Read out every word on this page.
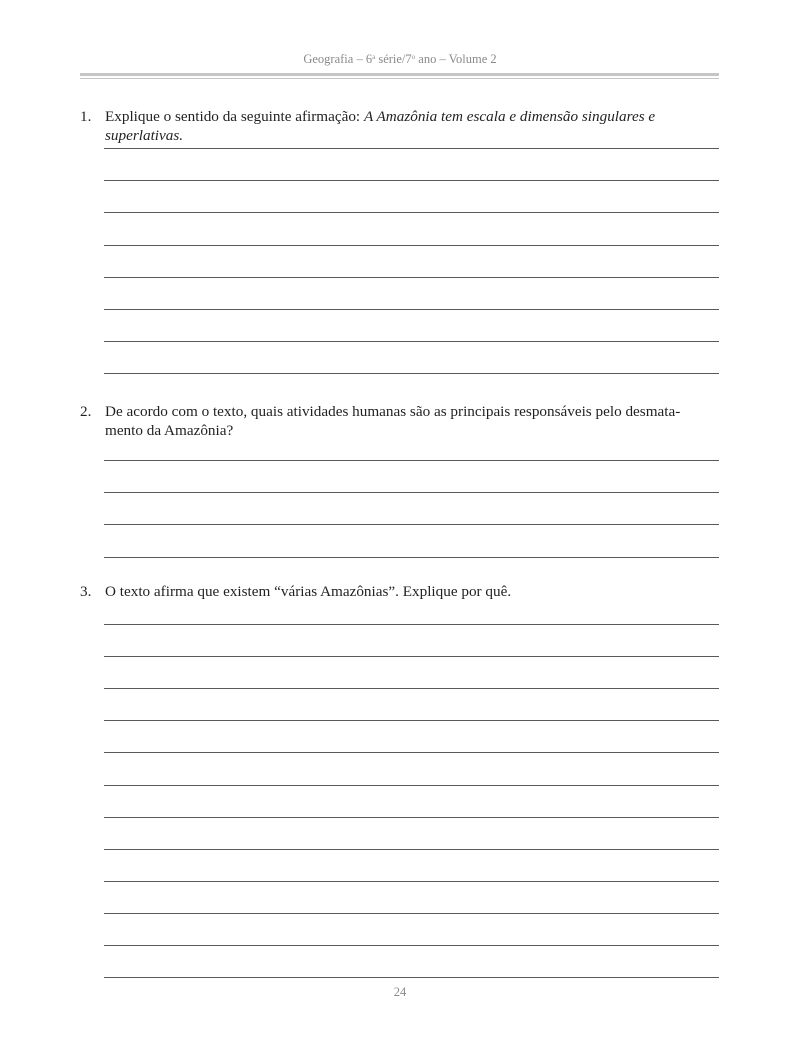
Geografia – 6$^a$ série/7$^o$ ano – Volume 2
1. Explique o sentido da seguinte afirmação: A Amazônia tem escala e dimensão singulares e superlativas.
2. De acordo com o texto, quais atividades humanas são as principais responsáveis pelo desmata-
mento da Amazônia?
3. O texto afirma que existem “várias Amazônias”. Explique por quê.
24
